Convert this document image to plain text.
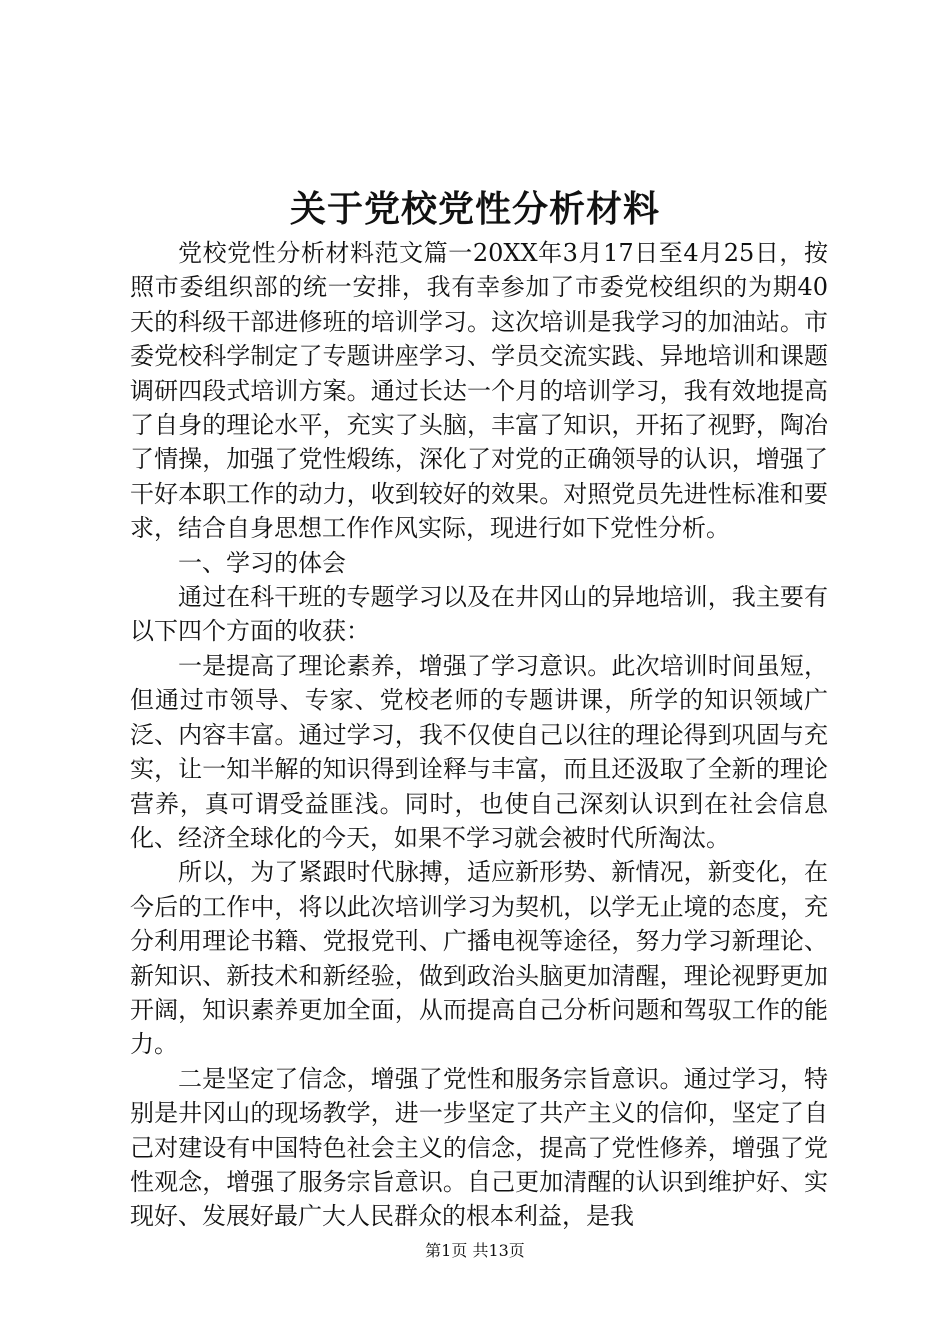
关于党校党性分析材料

党校党性分析材料范文篇一20XX年3月17日至4月25日，按照市委组织部的统一安排，我有幸参加了市委党校组织的为期40天的科级干部进修班的培训学习。这次培训是我学习的加油站。市委党校科学制定了专题讲座学习、学员交流实践、异地培训和课题调研四段式培训方案。通过长达一个月的培训学习，我有效地提高了自身的理论水平，充实了头脑，丰富了知识，开拓了视野，陶冶了情操，加强了党性煅练，深化了对党的正确领导的认识，增强了干好本职工作的动力，收到较好的效果。对照党员先进性标准和要求，结合自身思想工作作风实际，现进行如下党性分析。

一、学习的体会

通过在科干班的专题学习以及在井冈山的异地培训，我主要有以下四个方面的收获：

一是提高了理论素养，增强了学习意识。此次培训时间虽短，但通过市领导、专家、党校老师的专题讲课，所学的知识领域广泛、内容丰富。通过学习，我不仅使自己以往的理论得到巩固与充实，让一知半解的知识得到诠释与丰富，而且还汲取了全新的理论营养，真可谓受益匪浅。同时，也使自己深刻认识到在社会信息化、经济全球化的今天，如果不学习就会被时代所淘汰。

所以，为了紧跟时代脉搏，适应新形势、新情况，新变化，在今后的工作中，将以此次培训学习为契机，以学无止境的态度，充分利用理论书籍、党报党刊、广播电视等途径，努力学习新理论、新知识、新技术和新经验，做到政治头脑更加清醒，理论视野更加开阔，知识素养更加全面，从而提高自己分析问题和驾驭工作的能力。

二是坚定了信念，增强了党性和服务宗旨意识。通过学习，特别是井冈山的现场教学，进一步坚定了共产主义的信仰，坚定了自己对建设有中国特色社会主义的信念，提高了党性修养，增强了党性观念，增强了服务宗旨意识。自己更加清醒的认识到维护好、实现好、发展好最广大人民群众的根本利益，是我

第1页 共13页
